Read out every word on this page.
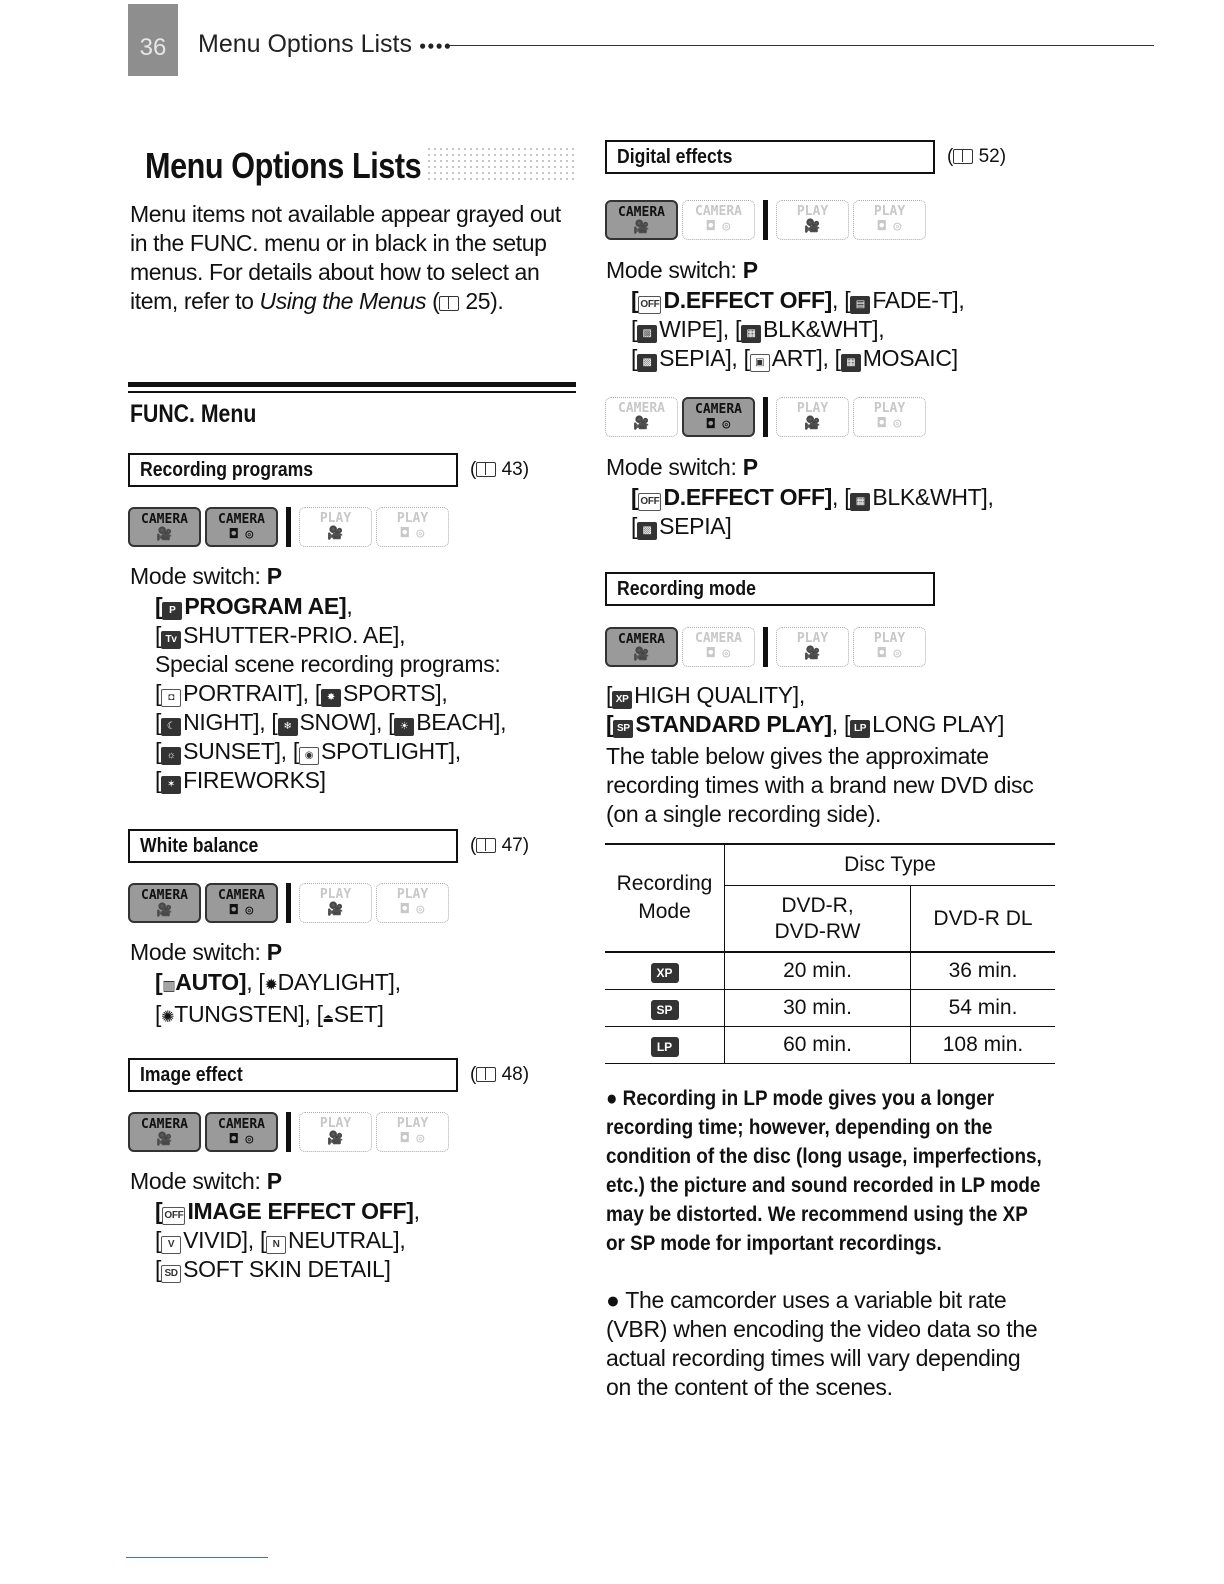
36 Menu Options Lists ●●●●
Menu Options Lists
Menu items not available appear grayed out in the FUNC. menu or in black in the setup menus. For details about how to select an item, refer to Using the Menus ( 25).
FUNC. Menu
Recording programs	( 43)
CAMERA
🎥
CAMERA
◘ ◎
PLAY
🎥
PLAY
◘ ◎
Mode switch: P
[ P PROGRAM AE],
[ Tv SHUTTER-PRIO. AE],
Special scene recording programs:
[ ◘ PORTRAIT], [ ✸ SPORTS],
[ ☾ NIGHT], [ ❄ SNOW], [ ☀ BEACH],
[ ☼ SUNSET], [ ◉ SPOTLIGHT],
[ ✶ FIREWORKS]
White balance	( 47)
CAMERA
🎥
CAMERA
◘ ◎
PLAY
🎥
PLAY
◘ ◎
Mode switch: P
[▥AUTO], [✹DAYLIGHT],
[✺TUNGSTEN], [⏏SET]
Image effect	( 48)
CAMERA
🎥
CAMERA
◘ ◎
PLAY
🎥
PLAY
◘ ◎
Mode switch: P
[ OFF IMAGE EFFECT OFF],
[ V VIVID], [ N NEUTRAL],
[ SD SOFT SKIN DETAIL]
Digital effects	( 52)
CAMERA
🎥
CAMERA
◘ ◎
PLAY
🎥
PLAY
◘ ◎
Mode switch: P
[ OFF D.EFFECT OFF], [ ▤ FADE-T],
[ ▨ WIPE], [ ▦ BLK&WHT],
[ ▩ SEPIA], [ ▣ ART], [ ▦ MOSAIC]
CAMERA
🎥
CAMERA
◘ ◎
PLAY
🎥
PLAY
◘ ◎
Mode switch: P
[ OFF D.EFFECT OFF], [ ▦ BLK&WHT],
[ ▩ SEPIA]
Recording mode
CAMERA
🎥
CAMERA
◘ ◎
PLAY
🎥
PLAY
◘ ◎
[ XP HIGH QUALITY],
[ SP STANDARD PLAY], [ LP LONG PLAY]
The table below gives the approximate recording times with a brand new DVD disc (on a single recording side).
Recording Mode	Disc Type	
	DVD-R,
DVD-RW	DVD-R DL
XP	20 min.	36 min.
SP	30 min.	54 min.
LP	60 min.	108 min.
● Recording in LP mode gives you a longer recording time; however, depending on the condition of the disc (long usage, imperfections, etc.) the picture and sound recorded in LP mode may be distorted. We recommend using the XP or SP mode for important recordings.
● The camcorder uses a variable bit rate (VBR) when encoding the video data so the actual recording times will vary depending on the content of the scenes.
